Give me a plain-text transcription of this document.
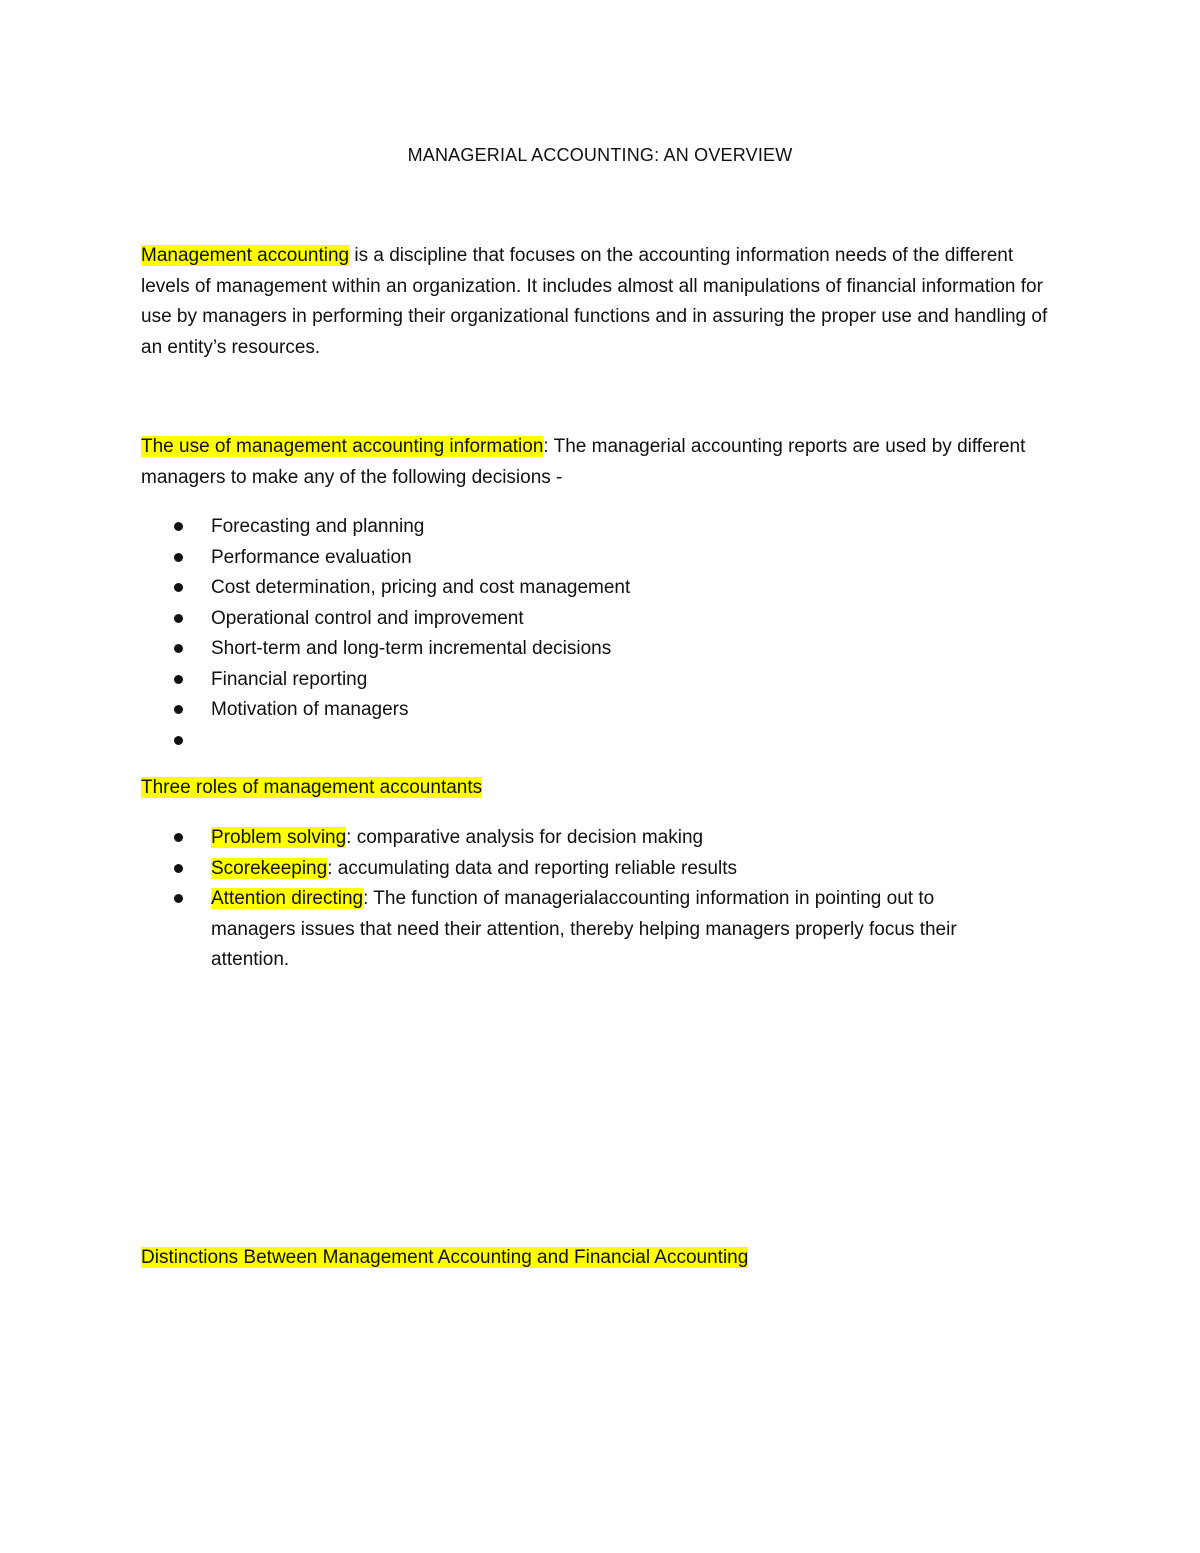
MANAGERIAL ACCOUNTING: AN OVERVIEW
Management accounting is a discipline that focuses on the accounting information needs of the different levels of management within an organization. It includes almost all manipulations of financial information for use by managers in performing their organizational functions and in assuring the proper use and handling of an entity’s resources.
The use of management accounting information: The managerial accounting reports are used by different managers to make any of the following decisions -
Forecasting and planning
Performance evaluation
Cost determination, pricing and cost management
Operational control and improvement
Short-term and long-term incremental decisions
Financial reporting
Motivation of managers
Three roles of management accountants
Problem solving: comparative analysis for decision making
Scorekeeping: accumulating data and reporting reliable results
Attention directing: The function of managerialaccounting information in pointing out to managers issues that need their attention, thereby helping managers properly focus their attention.
Distinctions Between Management Accounting and Financial Accounting
